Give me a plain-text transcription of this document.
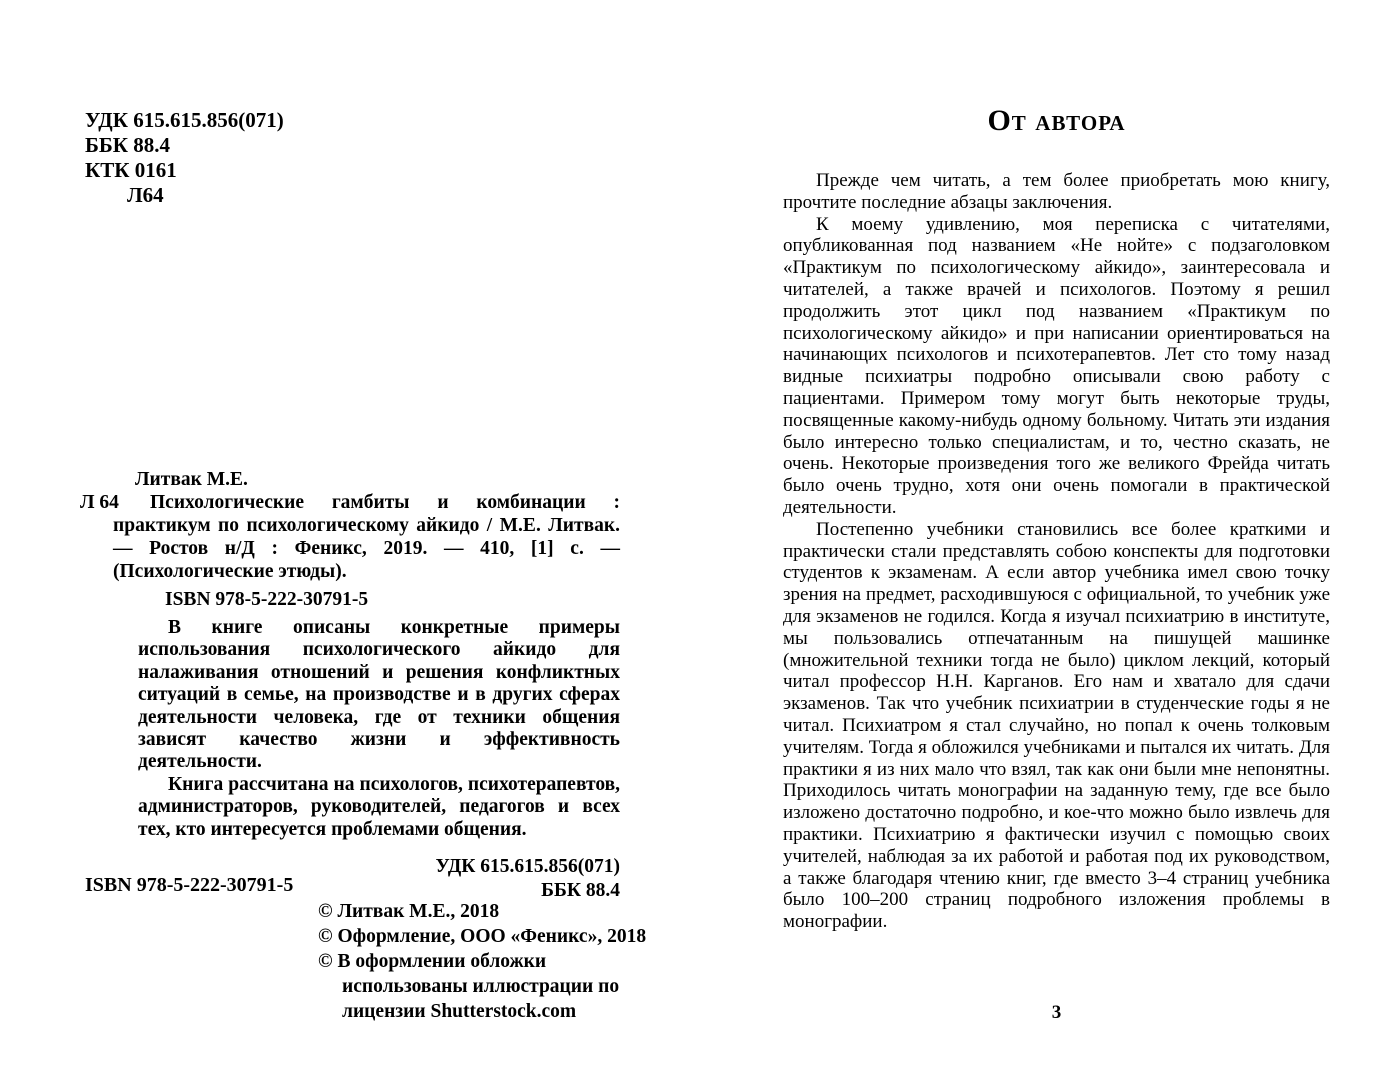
УДК 615.615.856(071)
ББК 88.4
КТК 0161
Л64
Литвак М.Е.
Л 64	Психологические гамбиты и комбинации : практикум по психологическому айкидо / М.Е. Литвак. — Ростов н/Д : Феникс, 2019. — 410, [1] с. — (Психологические этюды).

ISBN 978-5-222-30791-5

В книге описаны конкретные примеры использования психологического айкидо для налаживания отношений и решения конфликтных ситуаций в семье, на производстве и в других сферах деятельности человека, где от техники общения зависят качество жизни и эффективность деятельности.

Книга рассчитана на психологов, психотерапевтов, администраторов, руководителей, педагогов и всех тех, кто интересуется проблемами общения.

УДК 615.615.856(071)
ББК 88.4
ISBN 978-5-222-30791-5
© Литвак М.Е., 2018
© Оформление, ООО «Феникс», 2018
© В оформлении обложки использованы иллюстрации по лицензии Shutterstock.com
От автора

Прежде чем читать, а тем более приобретать мою книгу, прочтите последние абзацы заключения.

К моему удивлению, моя переписка с читателями, опубликованная под названием «Не нойте» с подзаголовком «Практикум по психологическому айкидо», заинтересовала и читателей, а также врачей и психологов. Поэтому я решил продолжить этот цикл под названием «Практикум по психологическому айкидо» и при написании ориентироваться на начинающих психологов и психотерапевтов. Лет сто тому назад видные психиатры подробно описывали свою работу с пациентами. Примером тому могут быть некоторые труды, посвященные какому-нибудь одному больному. Читать эти издания было интересно только специалистам, и то, честно сказать, не очень. Некоторые произведения того же великого Фрейда читать было очень трудно, хотя они очень помогали в практической деятельности.

Постепенно учебники становились все более краткими и практически стали представлять собою конспекты для подготовки студентов к экзаменам. А если автор учебника имел свою точку зрения на предмет, расходившуюся с официальной, то учебник уже для экзаменов не годился. Когда я изучал психиатрию в институте, мы пользовались отпечатанным на пишущей машинке (множительной техники тогда не было) циклом лекций, который читал профессор Н.Н. Карганов. Его нам и хватало для сдачи экзаменов. Так что учебник психиатрии в студенческие годы я не читал. Психиатром я стал случайно, но попал к очень толковым учителям. Тогда я обложился учебниками и пытался их читать. Для практики я из них мало что взял, так как они были мне непонятны. Приходилось читать монографии на заданную тему, где все было изложено достаточно подробно, и кое-что можно было извлечь для практики. Психиатрию я фактически изучил с помощью своих учителей, наблюдая за их работой и работая под их руководством, а также благодаря чтению книг, где вместо 3–4 страниц учебника было 100–200 страниц подробного изложения проблемы в монографии.

3
